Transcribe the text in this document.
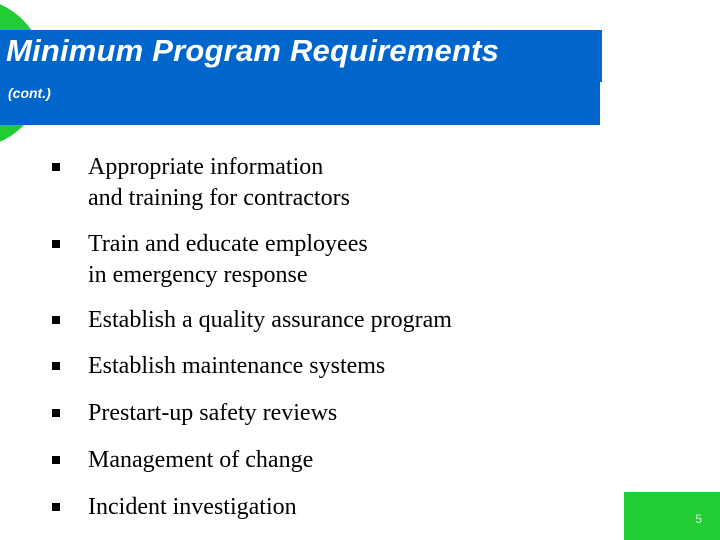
Minimum Program Requirements
(cont.)
Appropriate information
and training for contractors
Train and educate employees
in emergency response
Establish a quality assurance program
Establish maintenance systems
Prestart-up safety reviews
Management of change
Incident investigation	5
